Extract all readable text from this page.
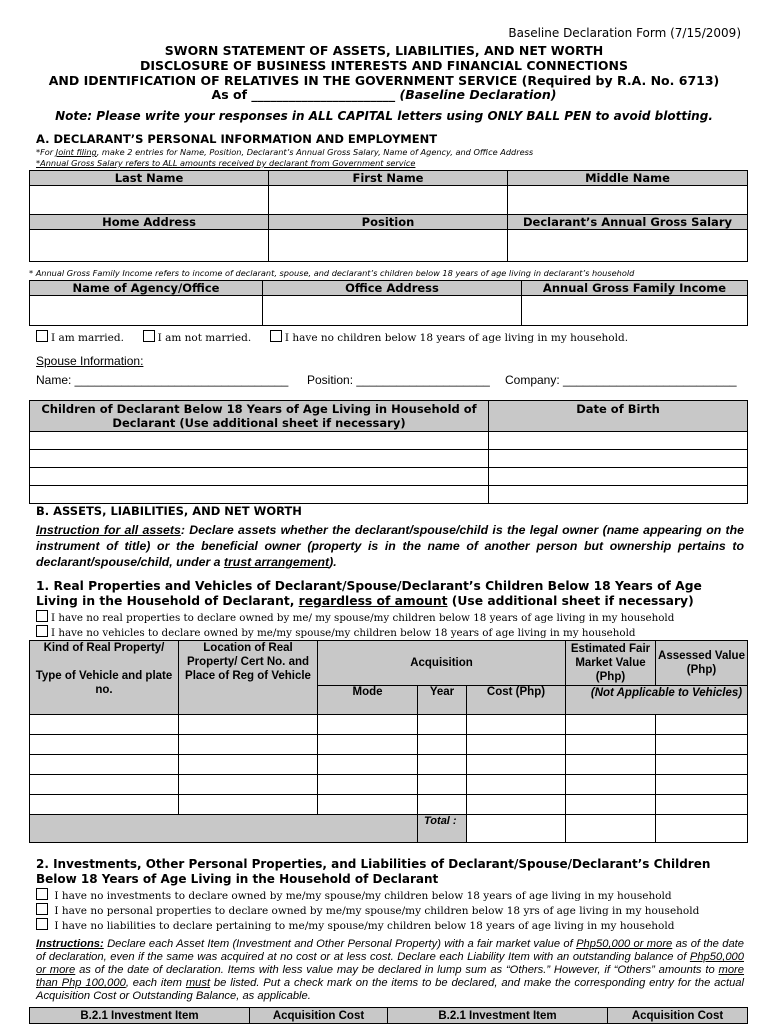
Baseline Declaration Form (7/15/2009)
SWORN STATEMENT OF ASSETS, LIABILITIES, AND NET WORTH
DISCLOSURE OF BUSINESS INTERESTS AND FINANCIAL CONNECTIONS
AND IDENTIFICATION OF RELATIVES IN THE GOVERNMENT SERVICE (Required by R.A. No. 6713)
As of _______________________ (Baseline Declaration)
Note: Please write your responses in ALL CAPITAL letters using ONLY BALL PEN to avoid blotting.
A. DECLARANT’S PERSONAL INFORMATION AND EMPLOYMENT
*For Joint filing, make 2 entries for Name, Position, Declarant’s Annual Gross Salary, Name of Agency, and Office Address
*Annual Gross Salary refers to ALL amounts received by declarant from Government service
Last Name	First Name	Middle Name

Home Address	Position	Declarant’s Annual Gross Salary

* Annual Gross Family Income refers to income of declarant, spouse, and declarant’s children below 18 years of age living in declarant’s household
Name of Agency/Office	Office Address	Annual Gross Family Income

I am married.	I am not married.	I have no children below 18 years of age living in my household.
Spouse Information:
Name: ________________________________ Position: ____________________ Company: __________________________
Children of Declarant Below 18 Years of Age Living in Household of Declarant (Use additional sheet if necessary)	Date of Birth

B. ASSETS, LIABILITIES, AND NET WORTH
Instruction for all assets: Declare assets whether the declarant/spouse/child is the legal owner (name appearing on the instrument of title) or the beneficial owner (property is in the name of another person but ownership pertains to declarant/spouse/child, under a trust arrangement).
1. Real Properties and Vehicles of Declarant/Spouse/Declarant’s Children Below 18 Years of Age Living in the Household of Declarant, regardless of amount (Use additional sheet if necessary)
I have no real properties to declare owned by me/ my spouse/my children below 18 years of age living in my household
I have no vehicles to declare owned by me/my spouse/my children below 18 years of age living in my household
Kind of Real Property/
Type of Vehicle and plate no.	Location of Real Property/ Cert No. and Place of Reg of Vehicle	Acquisition			Estimated Fair Market Value (Php)	Assessed Value (Php)
		Mode	Year	Cost (Php)	(Not Applicable to Vehicles)	

			Total :			
2. Investments, Other Personal Properties, and Liabilities of Declarant/Spouse/Declarant’s Children Below 18 Years of Age Living in the Household of Declarant
I have no investments to declare owned by me/my spouse/my children below 18 years of age living in my household
I have no personal properties to declare owned by me/my spouse/my children below 18 yrs of age living in my household
I have no liabilities to declare pertaining to me/my spouse/my children below 18 years of age living in my household
Instructions: Declare each Asset Item (Investment and Other Personal Property) with a fair market value of Php50,000 or more as of the date of declaration, even if the same was acquired at no cost or at less cost. Declare each Liability Item with an outstanding balance of Php50,000 or more as of the date of declaration. Items with less value may be declared in lump sum as “Others.” However, if “Others” amounts to more than Php 100,000, each item must be listed. Put a check mark on the items to be declared, and make the corresponding entry for the actual Acquisition Cost or Outstanding Balance, as applicable.
B.2.1 Investment Item	Acquisition Cost	B.2.1 Investment Item	Acquisition Cost
